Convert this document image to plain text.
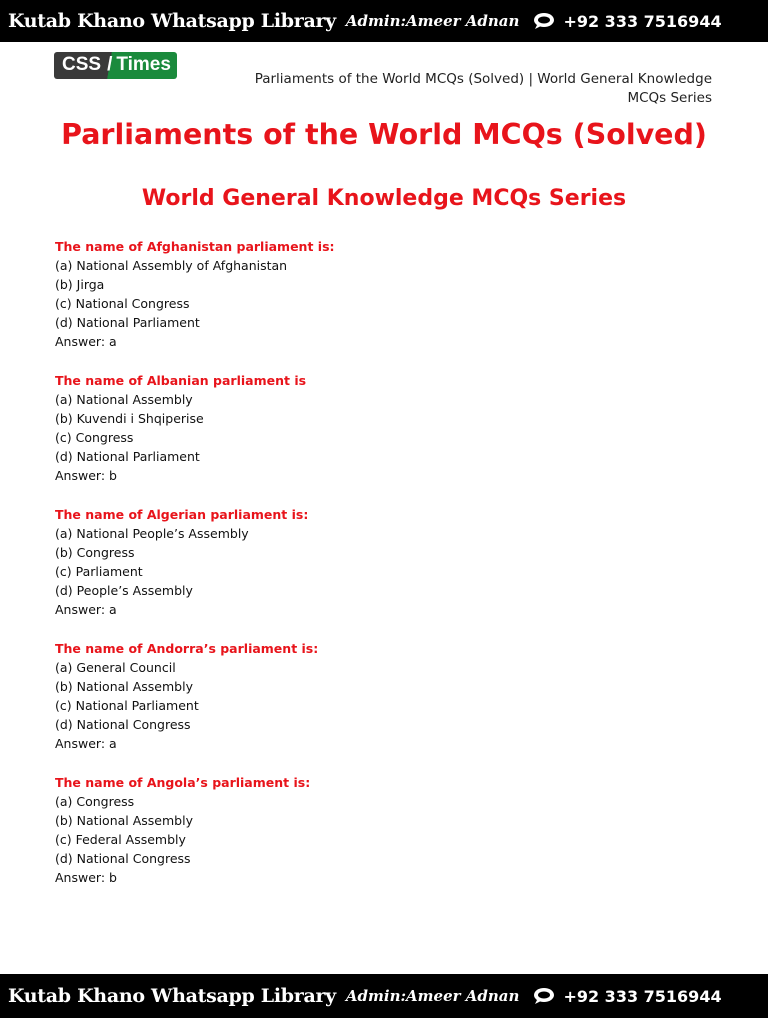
Kutab Khano Whatsapp Library Admin:Ameer Adnan	+92 333 7516944
CSS / Times
Parliaments of the World MCQs (Solved) | World General Knowledge
MCQs Series
Parliaments of the World MCQs (Solved)
World General Knowledge MCQs Series
The name of Afghanistan parliament is:
(a) National Assembly of Afghanistan
(b) Jirga
(c) National Congress
(d) National Parliament
Answer: a
The name of Albanian parliament is
(a) National Assembly
(b) Kuvendi i Shqiperise
(c) Congress
(d) National Parliament
Answer: b
The name of Algerian parliament is:
(a) National People’s Assembly
(b) Congress
(c) Parliament
(d) People’s Assembly
Answer: a
The name of Andorra’s parliament is:
(a) General Council
(b) National Assembly
(c) National Parliament
(d) National Congress
Answer: a
The name of Angola’s parliament is:
(a) Congress
(b) National Assembly
(c) Federal Assembly
(d) National Congress
Answer: b
Kutab Khano Whatsapp Library Admin:Ameer Adnan	+92 333 7516944
